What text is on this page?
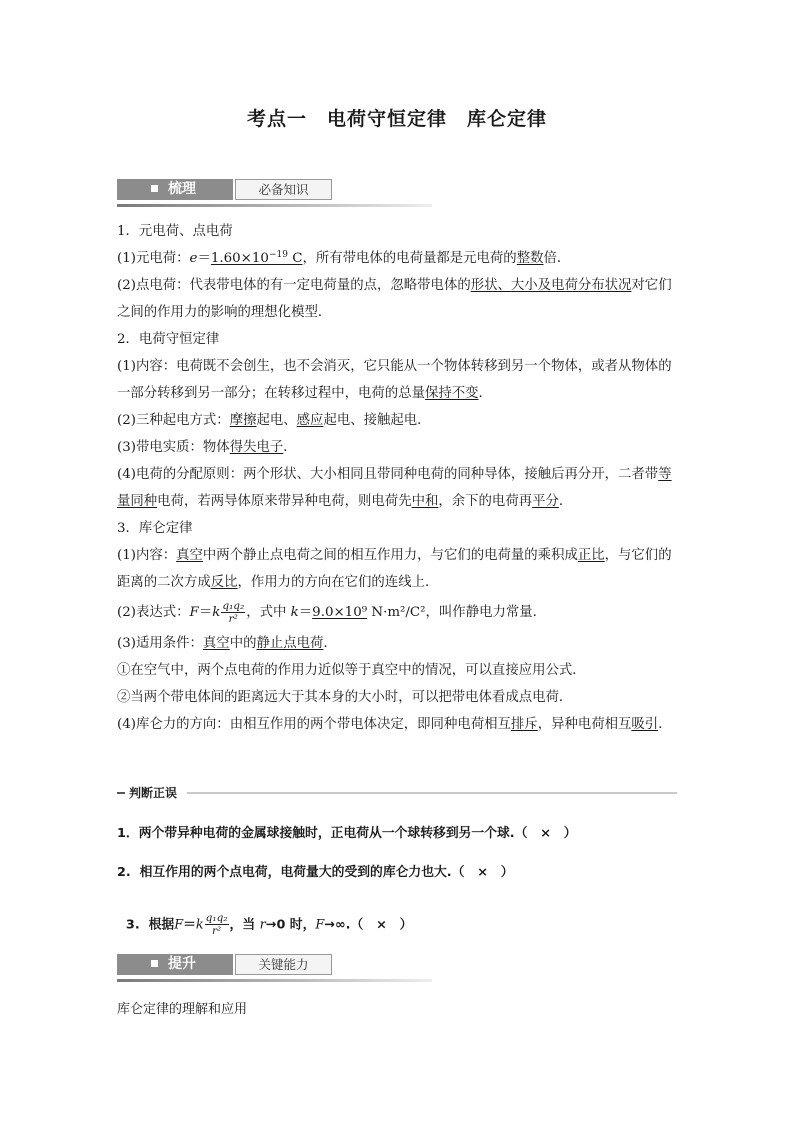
考点一　电荷守恒定律　库仑定律
梳理	必备知识

1．元电荷、点电荷

(1)元电荷：$e=1.60\times 10^{-19}$ C，所有带电体的电荷量都是元电荷的整数倍．

(2)点电荷：代表带电体的有一定电荷量的点，忽略带电体的形状、大小及电荷分布状况对它们之间的作用力的影响的理想化模型．

2．电荷守恒定律

(1)内容：电荷既不会创生，也不会消灭，它只能从一个物体转移到另一个物体，或者从物体的一部分转移到另一部分；在转移过程中，电荷的总量保持不变．

(2)三种起电方式：摩擦起电、感应起电、接触起电．

(3)带电实质：物体得失电子．

(4)电荷的分配原则：两个形状、大小相同且带同种电荷的同种导体，接触后再分开，二者带等量同种电荷，若两导体原来带异种电荷，则电荷先中和，余下的电荷再平分．

3．库仑定律

(1)内容：真空中两个静止点电荷之间的相互作用力，与它们的电荷量的乘积成正比，与它们的距离的二次方成反比，作用力的方向在它们的连线上．

(2)表达式：$F=k \frac{\text{q₁q₂}}{\text{r²}}$ ，式中 k＝9.0×10⁹ N·m²/C²，叫作静电力常量．

(3)适用条件：真空中的静止点电荷．

①在空气中，两个点电荷的作用力近似等于真空中的情况，可以直接应用公式．

②当两个带电体间的距离远大于其本身的大小时，可以把带电体看成点电荷．

(4)库仑力的方向：由相互作用的两个带电体决定，即同种电荷相互排斥，异种电荷相互吸引．

判断正误
1．两个带异种电荷的金属球接触时，正电荷从一个球转移到另一个球.（　×　）
2.  相互作用的两个点电荷，电荷量大的受到的库仑力也大.（　×　）

3.  根据$F=k \frac{\text{q₁q₂}}{\text{r²}}$ ，当 r→0 时，F→∞.（　×　）

提升	关键能力
库仑定律的理解和应用
